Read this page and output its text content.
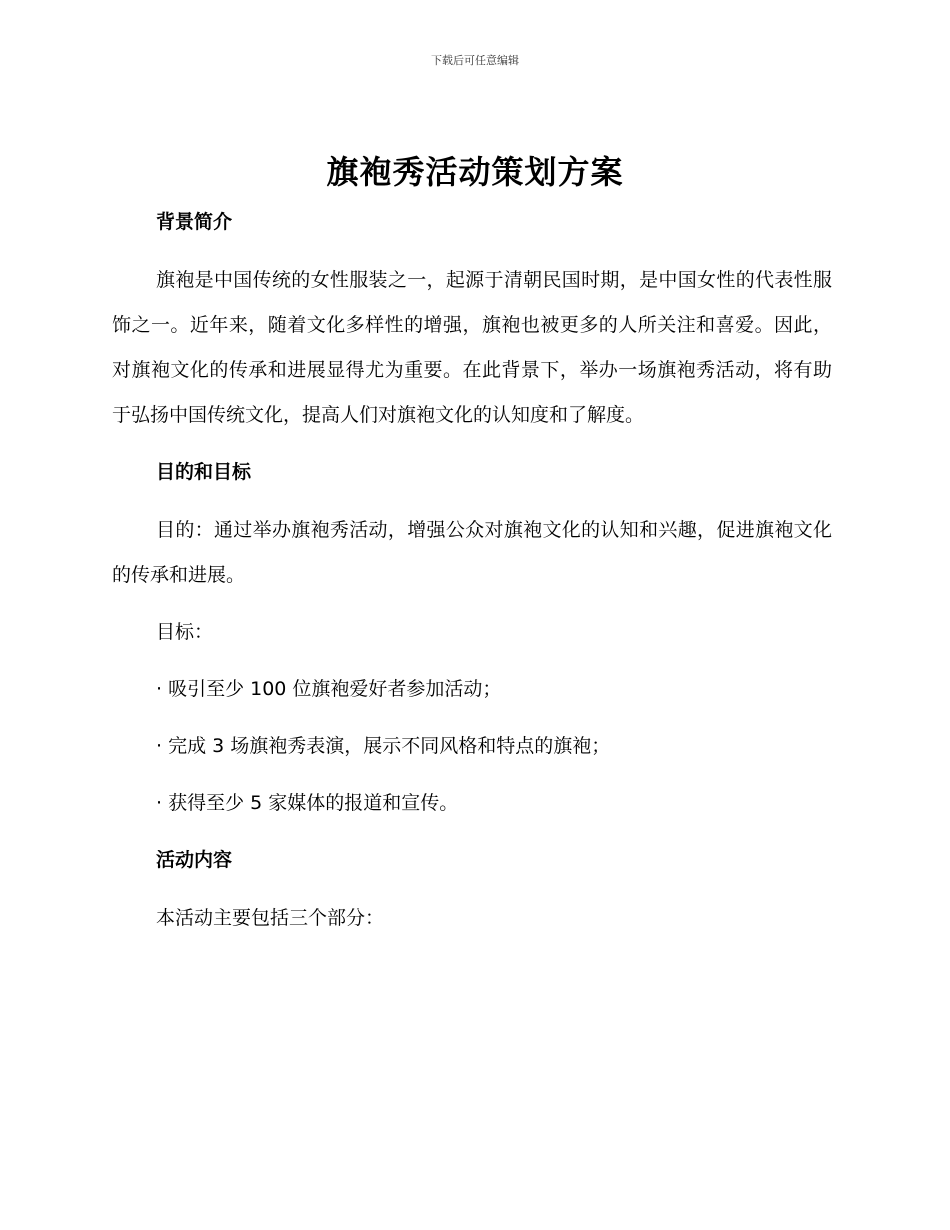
下载后可任意编辑
旗袍秀活动策划方案
背景简介

旗袍是中国传统的女性服装之一，起源于清朝民国时期，是中国女性的代表性服饰之一。近年来，随着文化多样性的增强，旗袍也被更多的人所关注和喜爱。因此，对旗袍文化的传承和进展显得尤为重要。在此背景下，举办一场旗袍秀活动，将有助于弘扬中国传统文化，提高人们对旗袍文化的认知度和了解度。

目的和目标

目的：通过举办旗袍秀活动，增强公众对旗袍文化的认知和兴趣，促进旗袍文化的传承和进展。

目标：
· 吸引至少 100 位旗袍爱好者参加活动；
· 完成 3 场旗袍秀表演，展示不同风格和特点的旗袍；
· 获得至少 5 家媒体的报道和宣传。
活动内容
本活动主要包括三个部分：
